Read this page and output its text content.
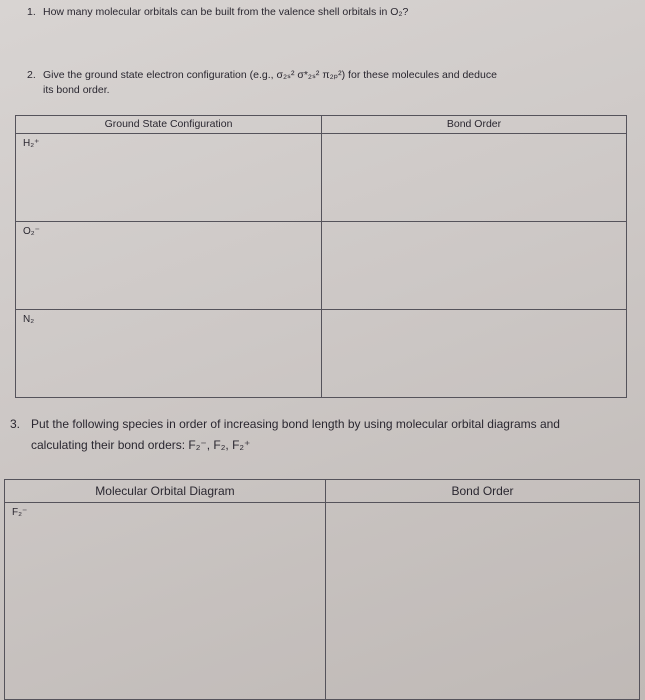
1. How many molecular orbitals can be built from the valence shell orbitals in O₂?
2. Give the ground state electron configuration (e.g., σ₂ₛ² σ*₂ₛ² π₂ₚ²) for these molecules and deduce
its bond order.
Ground State Configuration	Bond Order

H₂⁺	

O₂⁻	

N₂	

3. Put the following species in order of increasing bond length by using molecular orbital diagrams and
calculating their bond orders: F₂⁻, F₂, F₂⁺
Molecular Orbital Diagram	Bond Order

F₂⁻	
